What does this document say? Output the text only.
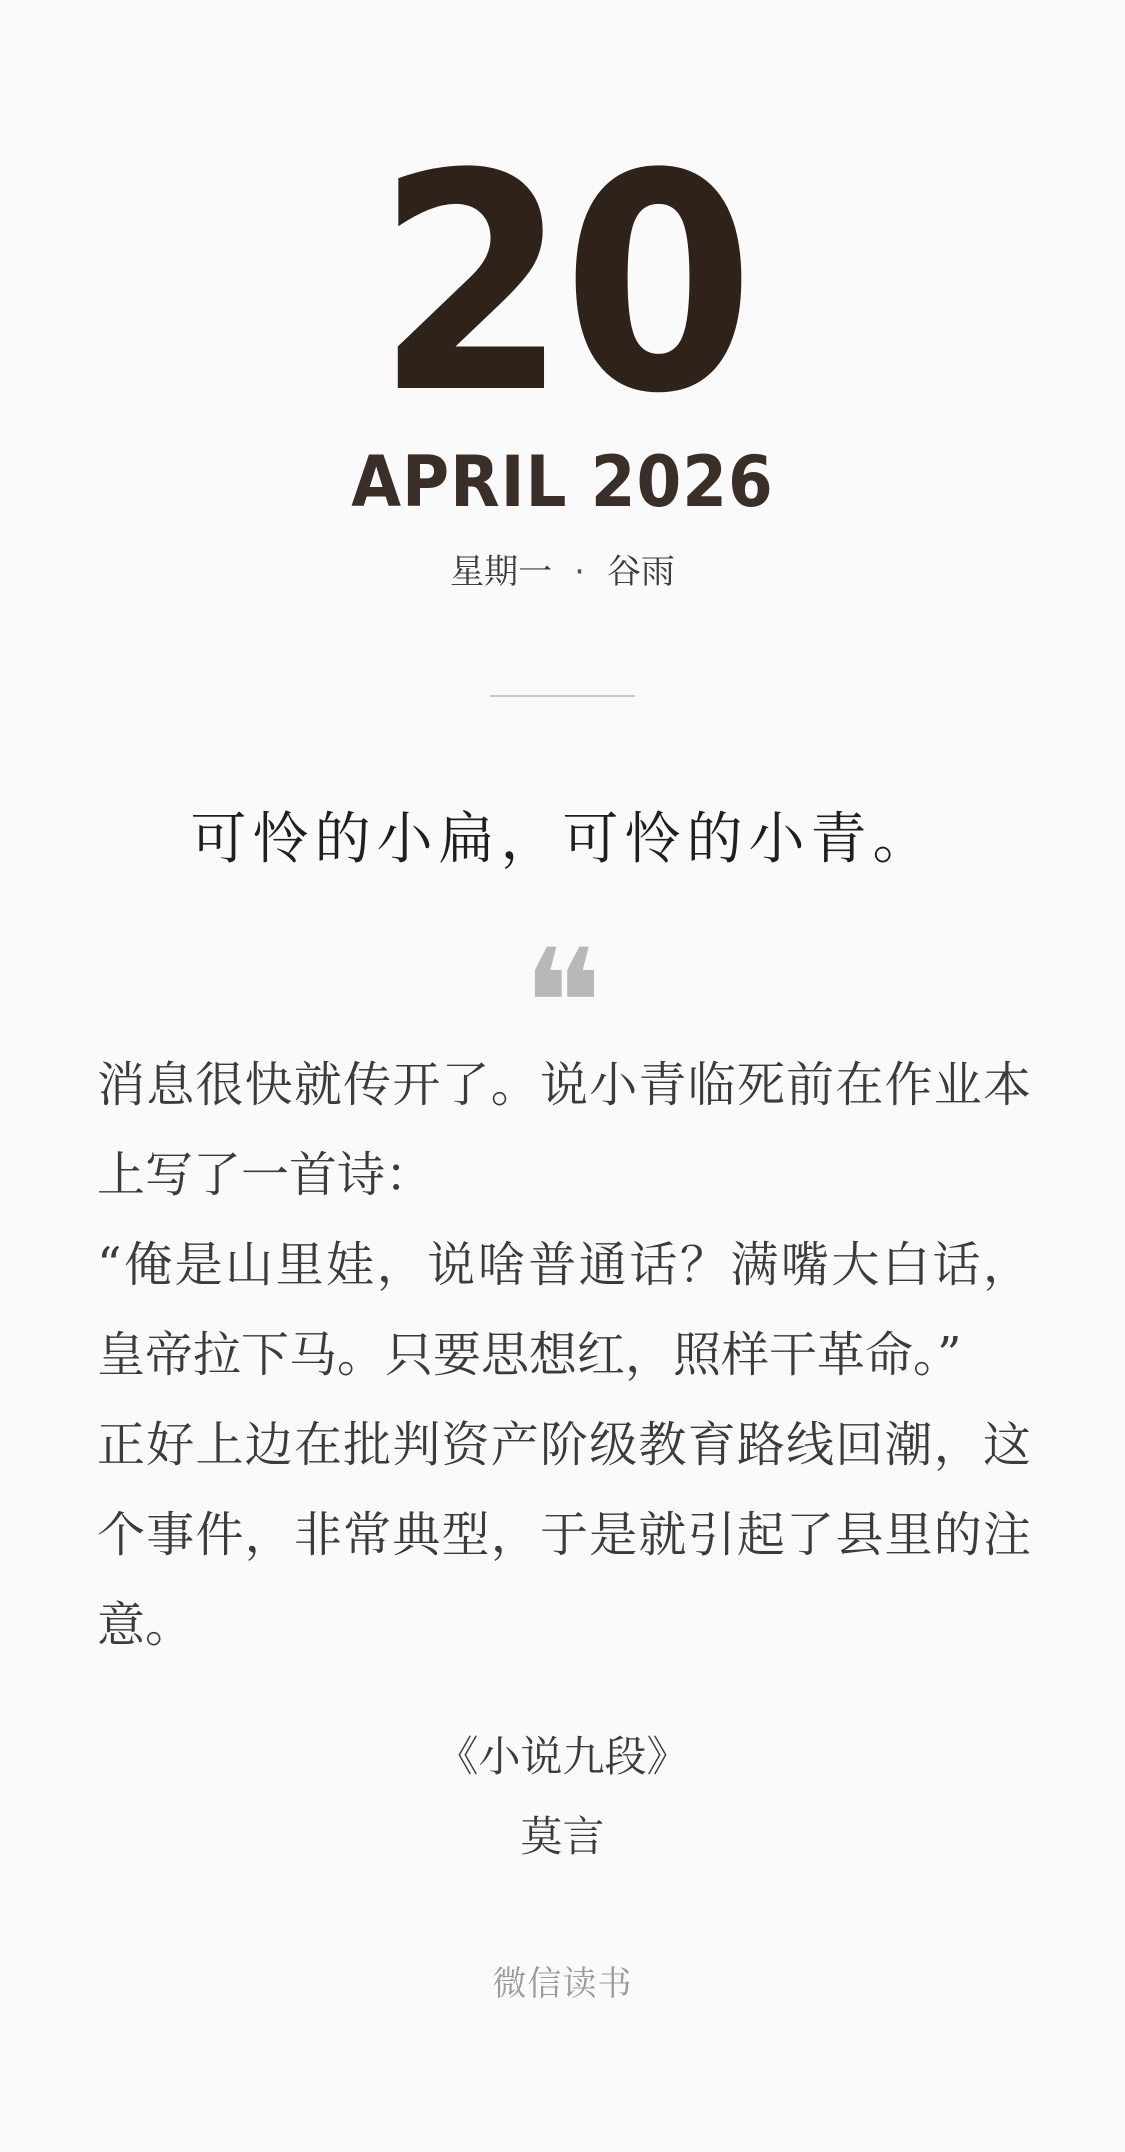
20
APRIL 2026
星期一 · 谷雨
可怜的小扁，可怜的小青。
❝

消息很快就传开了。说小青临死前在作业本上写了一首诗：

“俺是山里娃，说啥普通话？满嘴大白话，皇帝拉下马。只要思想红，照样干革命。”

正好上边在批判资产阶级教育路线回潮，这个事件，非常典型，于是就引起了县里的注意。

《小说九段》
莫言
微信读书
